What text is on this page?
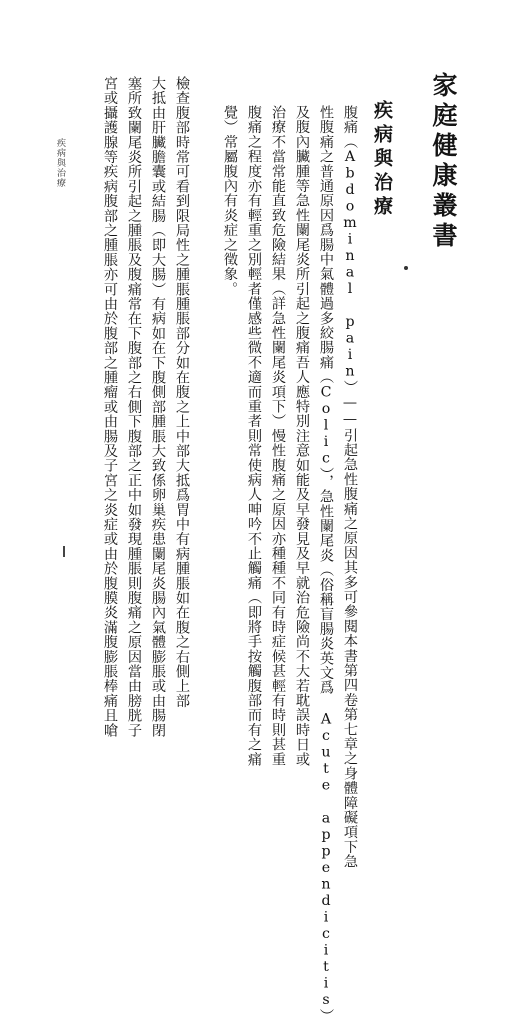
家庭健康叢書
疾病與治療
腹痛（Abdominal pain）——引起急性腹痛之原因其多可參閱本書第四卷第七章之身體障礙項下急
性腹痛之普通原因爲腸中氣體過多絞腸痛（Colic），急性闌尾炎（俗稱盲腸炎英文爲 Acute appendicitis）
及腹內臟腫等急性闌尾炎所引起之腹痛吾人應特別注意如能及早發見及早就治危險尚不大若耽誤時日或
治療不當常能直致危險結果（詳急性闌尾炎項下）慢性腹痛之原因亦種種不同有時症候甚輕有時則甚重
腹痛之程度亦有輕重之別輕者僅感些微不適而重者則常使病人呻吟不止觸痛（即將手按觸腹部而有之痛
覺）常屬腹內有炎症之徵象。
檢查腹部時常可看到限局性之腫脹腫脹部分如在腹之上中部大抵爲胃中有病腫脹如在腹之右側上部
大抵由肝臟膽囊或結腸（即大腸）有病如在下腹側部腫脹大致係卵巢疾患闌尾炎腸內氣體膨脹或由腸閉
塞所致闌尾炎所引起之腫脹及腹痛常在下腹部之右側下腹部之正中如發現腫脹則腹痛之原因當由膀胱子
宮或攝護腺等疾病腹部之腫脹亦可由於腹部之腫瘤或由腸及子宮之炎症或由於腹膜炎滿腹膨脹棒痛且嗆
疾病與治療
